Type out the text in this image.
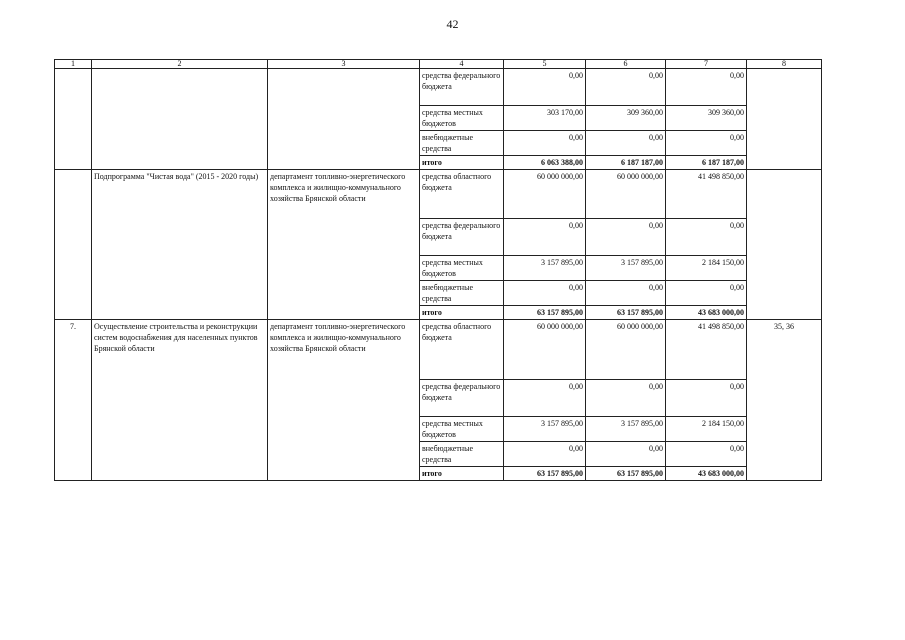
42
1	2	3	4	5	6	7	8
			средства федерального бюджета	0,00	0,00	0,00	
			средства местных бюджетов	303 170,00	309 360,00	309 360,00	
			внебюджетные средства	0,00	0,00	0,00	
			итого	6 063 388,00	6 187 187,00	6 187 187,00	
	Подпрограмма "Чистая вода" (2015 - 2020 годы)	департамент топливно-энергетического комплекса и жилищно-коммунального хозяйства Брянской области	средства областного бюджета	60 000 000,00	60 000 000,00	41 498 850,00	
			средства федерального бюджета	0,00	0,00	0,00	
			средства местных бюджетов	3 157 895,00	3 157 895,00	2 184 150,00	
			внебюджетные средства	0,00	0,00	0,00	
			итого	63 157 895,00	63 157 895,00	43 683 000,00	
7.	Осуществление строительства и реконструкции систем водоснабжения для населенных пунктов Брянской области	департамент топливно-энергетического комплекса и жилищно-коммунального хозяйства Брянской области	средства областного бюджета	60 000 000,00	60 000 000,00	41 498 850,00	35, 36
			средства федерального бюджета	0,00	0,00	0,00	
			средства местных бюджетов	3 157 895,00	3 157 895,00	2 184 150,00	
			внебюджетные средства	0,00	0,00	0,00	
			итого	63 157 895,00	63 157 895,00	43 683 000,00	
